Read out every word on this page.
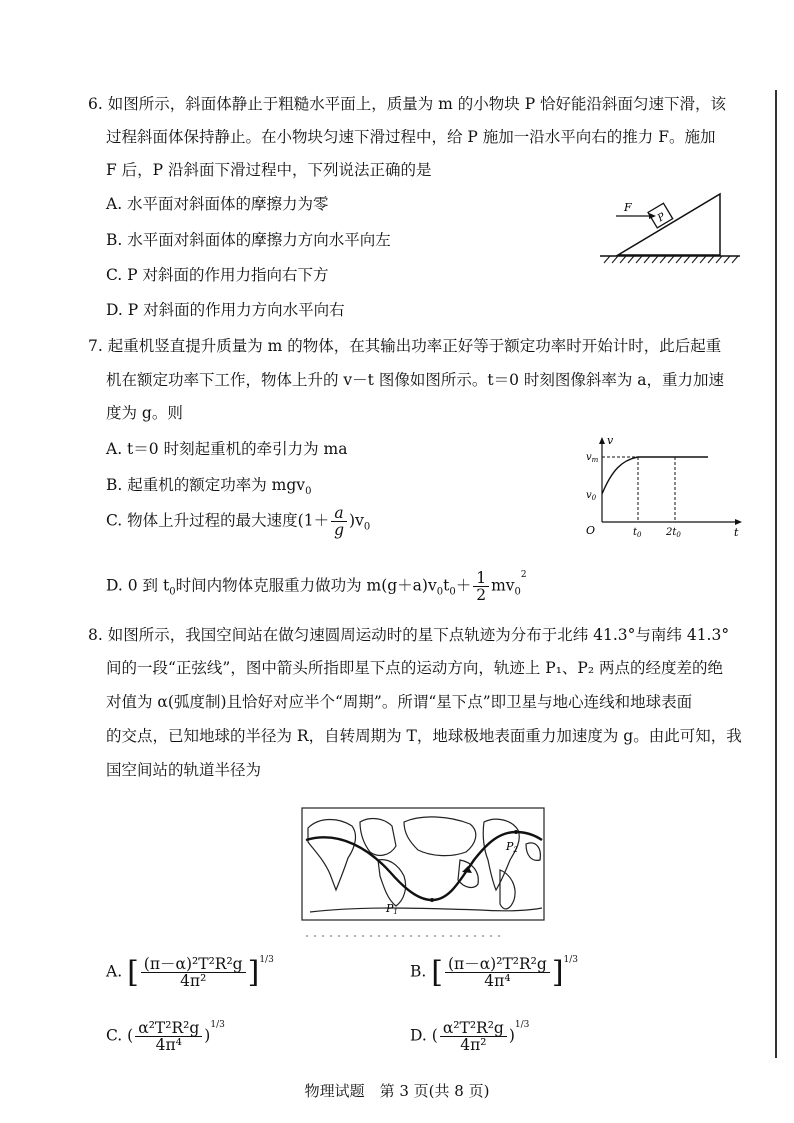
6. 如图所示，斜面体静止于粗糙水平面上，质量为 m 的小物块 P 恰好能沿斜面匀速下滑，该
过程斜面体保持静止。在小物块匀速下滑过程中，给 P 施加一沿水平向右的推力 F。施加
F 后，P 沿斜面下滑过程中，下列说法正确的是
A. 水平面对斜面体的摩擦力为零
B. 水平面对斜面体的摩擦力方向水平向左
C. P 对斜面的作用力指向右下方
D. P 对斜面的作用力方向水平向右
P
F
7. 起重机竖直提升质量为 m 的物体，在其输出功率正好等于额定功率时开始计时，此后起重
机在额定功率下工作，物体上升的 v－t 图像如图所示。t＝0 时刻图像斜率为 a，重力加速
度为 g。则
A. t＝0 时刻起重机的牵引力为 ma
B. 起重机的额定功率为 mgv$_0$
C. 物体上升过程的最大速度$(1+ \frac{a}{g} )v_0$
D. 0 到 $t_0$时间内物体克服重力做功为 $m(g+a)v_0t_0+ \frac{1}{2} mv_0^2$
v
t
O
$v_m$
$v_0$
$t_0$ $2t_0$
8. 如图所示，我国空间站在做匀速圆周运动时的星下点轨迹为分布于北纬 41.3°与南纬 41.3°
间的一段“正弦线”，图中箭头所指即星下点的运动方向，轨迹上 P₁、P₂ 两点的经度差的绝
对值为 α(弧度制)且恰好对应半个“周期”。所谓“星下点”即卫星与地心连线和地球表面
的交点，已知地球的半径为 R，自转周期为 T，地球极地表面重力加速度为 g。由此可知，我
国空间站的轨道半径为
P1
P2
A. [ $\frac{\text{(π－α)²T²R²g}}{\text{4π²}} ]^{1/3}$
B. [ $\frac{\text{(π－α)²T²R²g}}{\text{4π⁴}} ]^{1/3}$
C. ( $\frac{\text{α²T²R²g}}{\text{4π⁴}} )^{1/3}$
D. ( $\frac{\text{α²T²R²g}}{\text{4π²}} )^{1/3}$
物理试题　第 3 页(共 8 页)
